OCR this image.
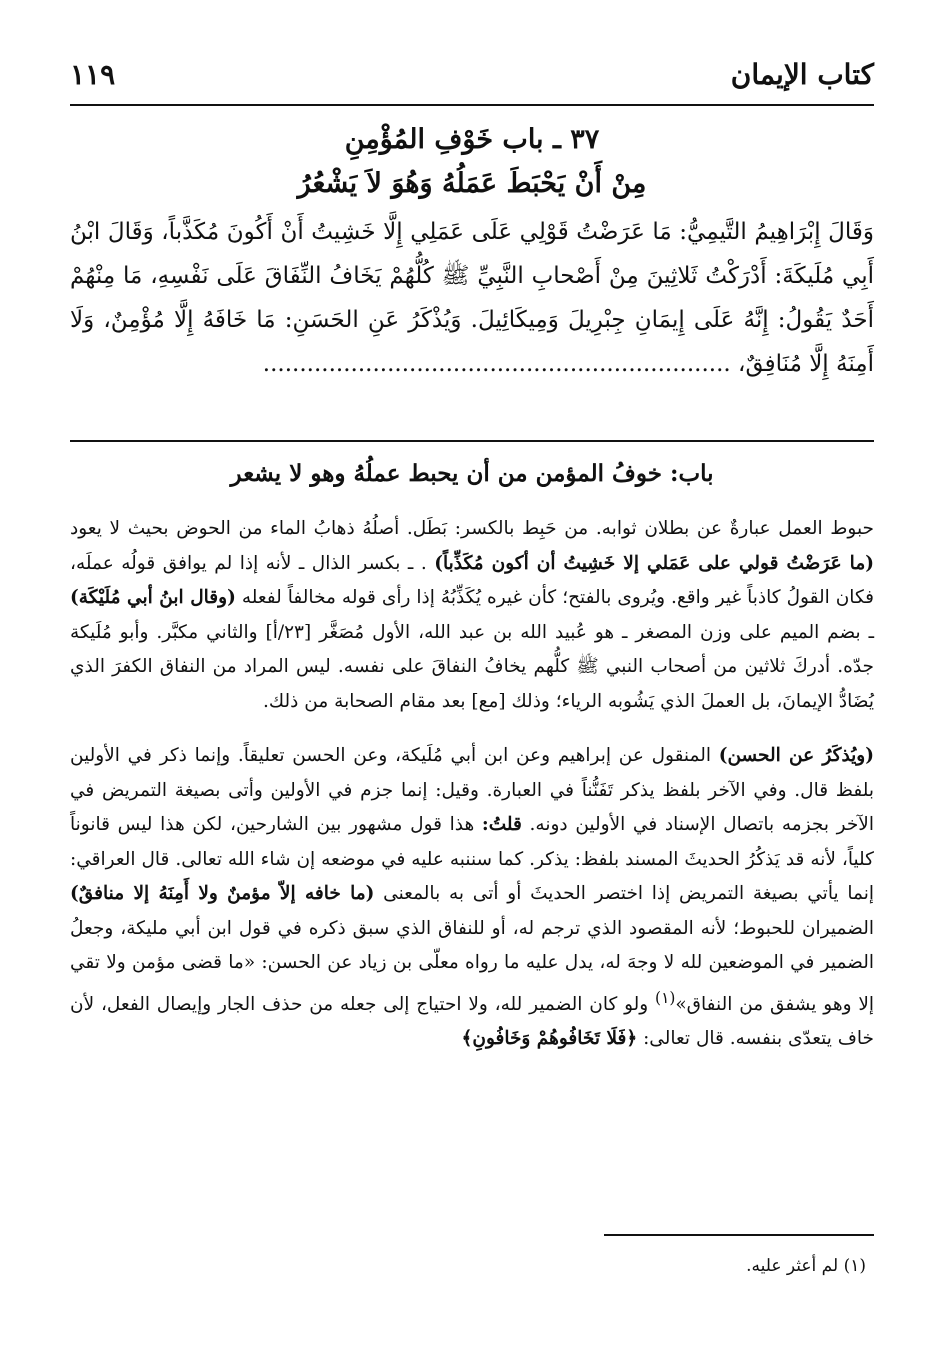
كتاب الإيمان
١١٩
٣٧ ـ باب خَوْفِ المُؤْمِنِ
مِنْ أَنْ يَحْبَطَ عَمَلُهُ وَهُوَ لاَ يَشْعُرُ
وَقَالَ إِبْرَاهِيمُ التَّيمِيُّ: مَا عَرَضْتُ قَوْلِي عَلَى عَمَلِي إِلَّا خَشِيتُ أَنْ أَكُونَ مُكَذَّباً، وَقَالَ ابْنُ أَبِي مُلَيكَةَ: أَدْرَكْتُ ثَلاثِينَ مِنْ أَصْحابِ النَّبِيِّ ﷺ كُلُّهُمْ يَخَافُ النِّفَاقَ عَلَى نَفْسِهِ، مَا مِنْهُمْ أَحَدٌ يَقُولُ: إِنَّهُ عَلَى إِيمَانِ جِبْرِيلَ وَمِيكَائِيلَ. وَيُذْكَرُ عَنِ الحَسَنِ: مَا خَافَهُ إِلَّا مُؤْمِنٌ، وَلَا أَمِنَهُ إِلَّا مُنَافِقٌ، ................................................................
باب: خوفُ المؤمن من أن يحبط عملُهُ وهو لا يشعر

حبوط العمل عبارةٌ عن بطلان ثوابه. من حَبِط بالكسر: بَطَل. أصلُهُ ذهابُ الماء من الحوض بحيث لا يعود (ما عَرَضْتُ قولي على عَمَلي إلا خَشِيتُ أن أكون مُكَذِّباً) . ـ بكسر الذال ـ لأنه إذا لم يوافق قولُه عملَه، فكان القولُ كاذباً غير واقع. ويُروى بالفتح؛ كأن غيره يُكَذِّبُهُ إذا رأى قوله مخالفاً لفعله (وقال ابنُ أبي مُلَيْكَة) ـ بضم الميم على وزن المصغر ـ هو عُبيد الله بن عبد الله، الأول مُصَغَّر [٢٣/أ] والثاني مكبَّر. وأبو مُلَيكة جدّه. أدركَ ثلاثين من أصحاب النبي ﷺ كلُّهم يخافُ النفاقَ على نفسه. ليس المراد من النفاق الكفرَ الذي يُضَادُّ الإيمانَ، بل العملَ الذي يَشُوبه الرياء؛ وذلك [مع] بعد مقام الصحابة من ذلك.

(ويُذكَرُ عن الحسن) المنقول عن إبراهيم وعن ابن أبي مُلَيكة، وعن الحسن تعليقاً. وإنما ذكر في الأولين بلفظ قال. وفي الآخر بلفظ يذكر تَفَنُّناً في العبارة. وقيل: إنما جزم في الأولين وأتى بصيغة التمريض في الآخر بجزمه باتصال الإسناد في الأولين دونه. قلتُ: هذا قول مشهور بين الشارحين، لكن هذا ليس قانوناً كلياً، لأنه قد يَذكُرُ الحديثَ المسند بلفظ: يذكر. كما سننبه عليه في موضعه إن شاء الله تعالى. قال العراقي: إنما يأتي بصيغة التمريض إذا اختصر الحديثَ أو أتى به بالمعنى (ما خافه إلاّ مؤمنٌ ولا أَمِنَهُ إلا منافقٌ) الضميران للحبوط؛ لأنه المقصود الذي ترجم له، أو للنفاق الذي سبق ذكره في قول ابن أبي مليكة، وجعلُ الضمير في الموضعين لله لا وجهَ له، يدل عليه ما رواه معلّى بن زياد عن الحسن: «ما قضى مؤمن ولا تقي إلا وهو يشفق من النفاق»$^{(١)}$ ولو كان الضمير لله، ولا احتياج إلى جعله من حذف الجار وإيصال الفعل، لأن خاف يتعدّى بنفسه. قال تعالى: ﴿فَلَا تَخَافُوهُمْ وَخَافُونِ﴾

(١) لم أعثر عليه.
